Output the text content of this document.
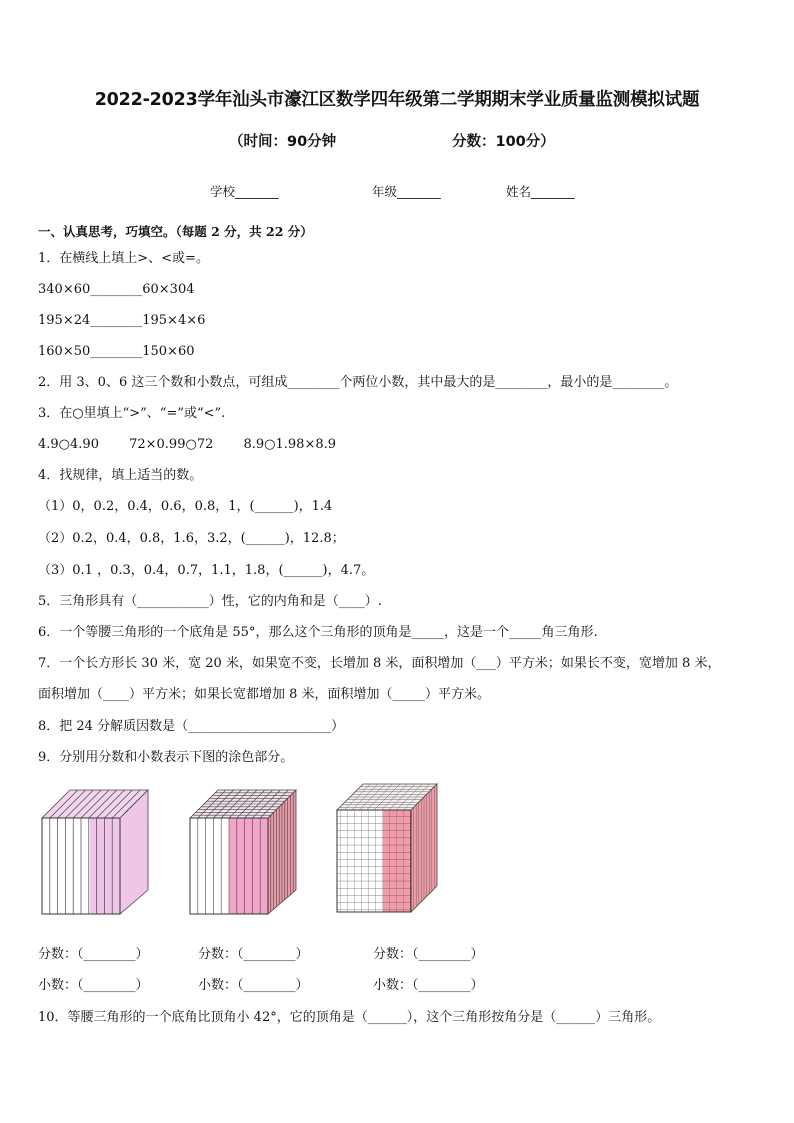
2022-2023学年汕头市濠江区数学四年级第二学期期末学业质量监测模拟试题
（时间：90分钟	分数：100分）
学校_______	年级_______	姓名_______
一、认真思考，巧填空。（每题 2 分，共 22 分）
1．在横线上填上>、<或=。
340×60________60×304
195×24________195×4×6
160×50________150×60
2．用 3、0、6 这三个数和小数点，可组成________个两位小数，其中最大的是________，最小的是________。
3．在○里填上“>”、“=”或“<”.
4.9○4.90　　 72×0.99○72　　 8.9○1.98×8.9
4．找规律，填上适当的数。
（1）0，0.2，0.4，0.6，0.8，1，(______)，1.4
（2）0.2，0.4，0.8，1.6，3.2，(______)，12.8；
（3）0.1 ，0.3，0.4，0.7，1.1，1.8，(______)，4.7。
5．三角形具有（___________）性，它的内角和是（____）.
6．一个等腰三角形的一个底角是 55°，那么这个三角形的顶角是_____，这是一个_____角三角形.
7．一个长方形长 30 米，宽 20 米，如果宽不变，长增加 8 米，面积增加（___）平方米；如果长不变，宽增加 8 米，
面积增加（____）平方米；如果长宽都增加 8 米，面积增加（_____）平方米。
8．把 24 分解质因数是（______________________）
9．分别用分数和小数表示下图的涂色部分。
分数：（________）	分数：（________）	分数：（________）
小数：（________）	小数：（________）	小数：（________）
10．等腰三角形的一个底角比顶角小 42°，它的顶角是（______），这个三角形按角分是（______）三角形。
